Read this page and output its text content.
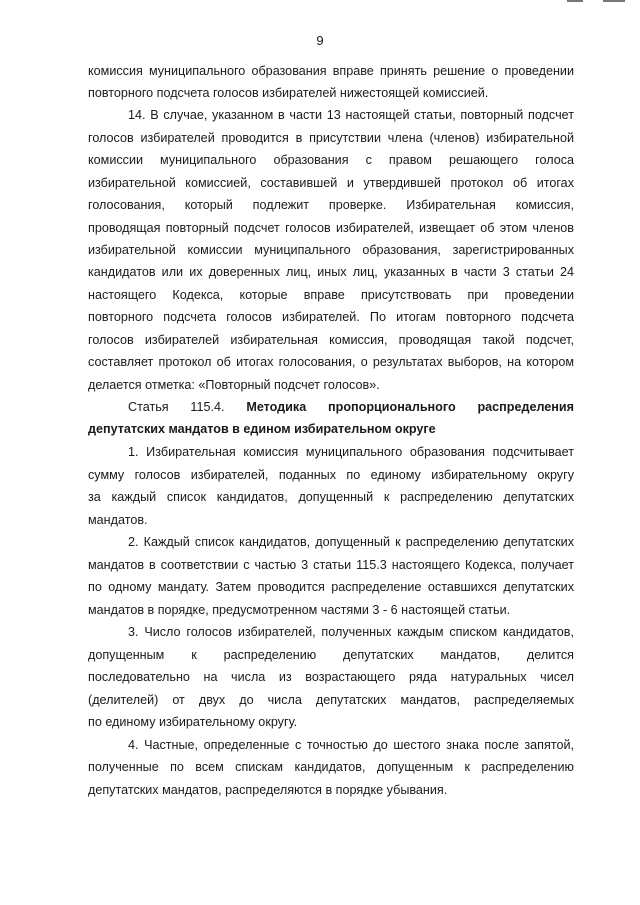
9
комиссия муниципального образования вправе принять решение о проведении
повторного подсчета голосов избирателей нижестоящей комиссией.
14. В случае, указанном в части 13 настоящей статьи, повторный подсчет
голосов избирателей проводится в присутствии члена (членов) избирательной
комиссии муниципального образования с правом решающего голоса
избирательной комиссией, составившей и утвердившей протокол об итогах
голосования, который подлежит проверке. Избирательная комиссия,
проводящая повторный подсчет голосов избирателей, извещает об этом членов
избирательной комиссии муниципального образования, зарегистрированных
кандидатов или их доверенных лиц, иных лиц, указанных в части 3 статьи 24
настоящего Кодекса, которые вправе присутствовать при проведении
повторного подсчета голосов избирателей. По итогам повторного подсчета
голосов избирателей избирательная комиссия, проводящая такой подсчет,
составляет протокол об итогах голосования, о результатах выборов, на котором
делается отметка: «Повторный подсчет голосов».
Статья 115.4. Методика пропорционального распределения
депутатских мандатов в едином избирательном округе
1. Избирательная комиссия муниципального образования подсчитывает
сумму голосов избирателей, поданных по единому избирательному округу
за каждый список кандидатов, допущенный к распределению депутатских
мандатов.
2. Каждый список кандидатов, допущенный к распределению депутатских
мандатов в соответствии с частью 3 статьи 115.3 настоящего Кодекса, получает
по одному мандату. Затем проводится распределение оставшихся депутатских
мандатов в порядке, предусмотренном частями 3 - 6 настоящей статьи.
3. Число голосов избирателей, полученных каждым списком кандидатов,
допущенным к распределению депутатских мандатов, делится
последовательно на числа из возрастающего ряда натуральных чисел
(делителей) от двух до числа депутатских мандатов, распределяемых
по единому избирательному округу.
4. Частные, определенные с точностью до шестого знака после запятой,
полученные по всем спискам кандидатов, допущенным к распределению
депутатских мандатов, распределяются в порядке убывания.
